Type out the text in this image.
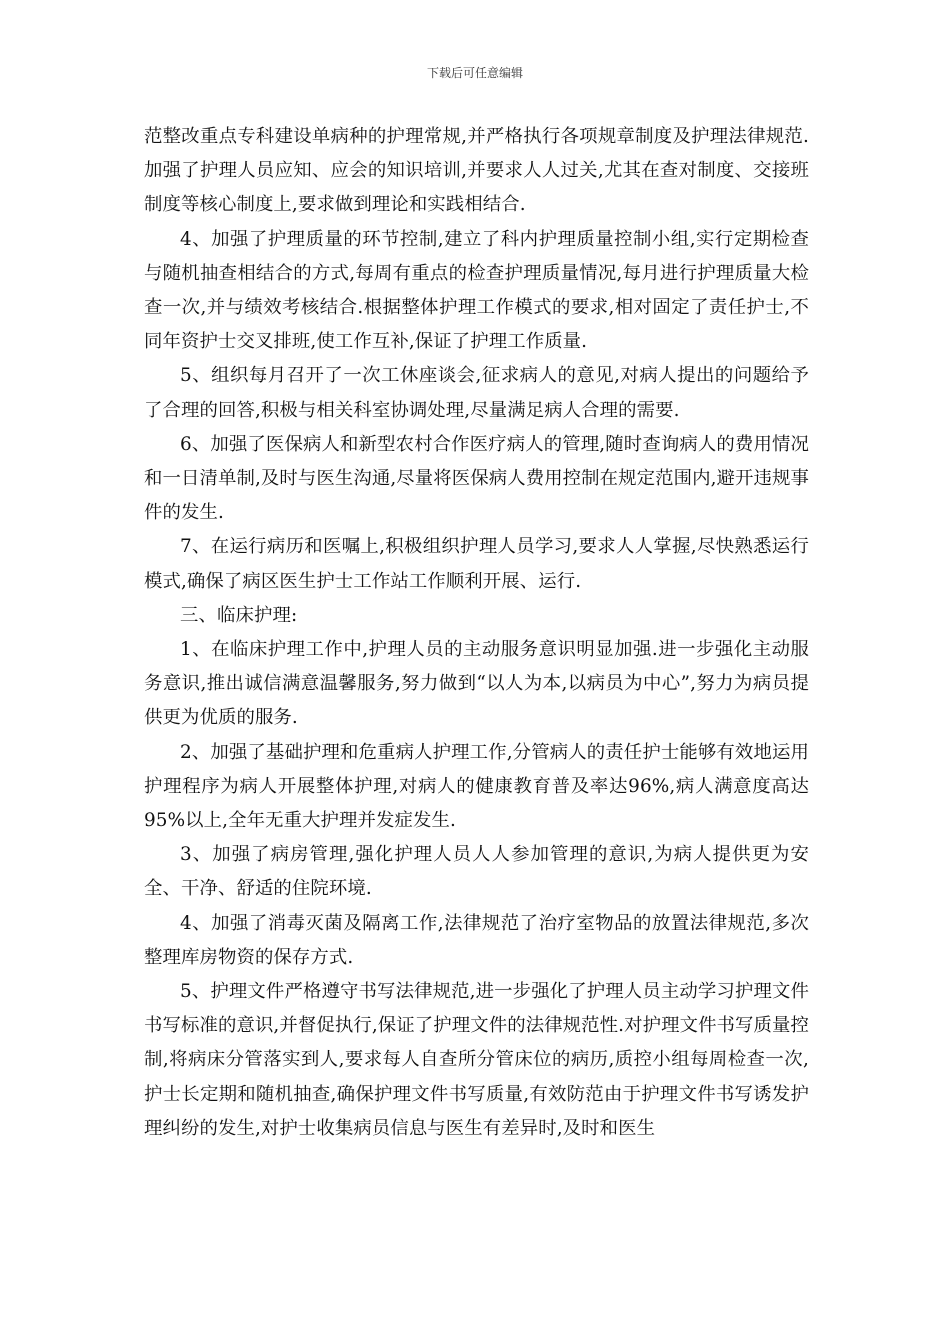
下载后可任意编辑

范整改重点专科建设单病种的护理常规,并严格执行各项规章制度及护理法律规范.加强了护理人员应知、应会的知识培训,并要求人人过关,尤其在查对制度、交接班制度等核心制度上,要求做到理论和实践相结合.

4、加强了护理质量的环节控制,建立了科内护理质量控制小组,实行定期检查与随机抽查相结合的方式,每周有重点的检查护理质量情况,每月进行护理质量大检查一次,并与绩效考核结合.根据整体护理工作模式的要求,相对固定了责任护士,不同年资护士交叉排班,使工作互补,保证了护理工作质量.

5、组织每月召开了一次工休座谈会,征求病人的意见,对病人提出的问题给予了合理的回答,积极与相关科室协调处理,尽量满足病人合理的需要.

6、加强了医保病人和新型农村合作医疗病人的管理,随时查询病人的费用情况和一日清单制,及时与医生沟通,尽量将医保病人费用控制在规定范围内,避开违规事件的发生.

7、在运行病历和医嘱上,积极组织护理人员学习,要求人人掌握,尽快熟悉运行模式,确保了病区医生护士工作站工作顺利开展、运行.

三、临床护理:

1、在临床护理工作中,护理人员的主动服务意识明显加强.进一步强化主动服务意识,推出诚信满意温馨服务,努力做到“以人为本,以病员为中心”,努力为病员提供更为优质的服务.

2、加强了基础护理和危重病人护理工作,分管病人的责任护士能够有效地运用护理程序为病人开展整体护理,对病人的健康教育普及率达96%,病人满意度高达95%以上,全年无重大护理并发症发生.

3、加强了病房管理,强化护理人员人人参加管理的意识,为病人提供更为安全、干净、舒适的住院环境.

4、加强了消毒灭菌及隔离工作,法律规范了治疗室物品的放置法律规范,多次整理库房物资的保存方式.

5、护理文件严格遵守书写法律规范,进一步强化了护理人员主动学习护理文件书写标准的意识,并督促执行,保证了护理文件的法律规范性.对护理文件书写质量控制,将病床分管落实到人,要求每人自查所分管床位的病历,质控小组每周检查一次,护士长定期和随机抽查,确保护理文件书写质量,有效防范由于护理文件书写诱发护理纠纷的发生,对护士收集病员信息与医生有差异时,及时和医生
